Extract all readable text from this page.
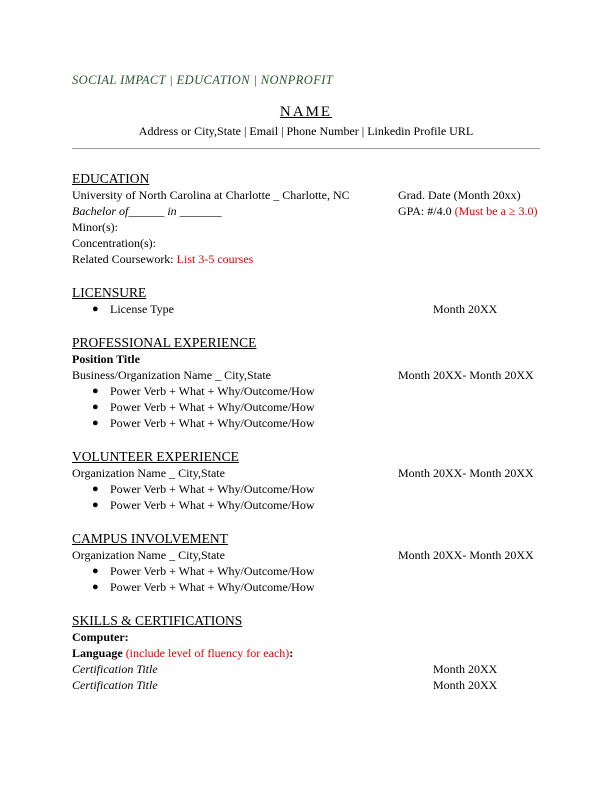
SOCIAL IMPACT | EDUCATION | NONPROFIT
NAME
Address or City,State | Email | Phone Number | Linkedin Profile URL
EDUCATION
University of North Carolina at Charlotte _ Charlotte, NC	Grad. Date (Month 20xx)
Bachelor of______ in _______	GPA: #/4.0 (Must be a ≥ 3.0)
Minor(s):
Concentration(s):
Related Coursework: List 3-5 courses
LICENSURE
● License Type	Month 20XX
PROFESSIONAL EXPERIENCE
Position Title
Business/Organization Name _ City,State	Month 20XX- Month 20XX
● Power Verb + What + Why/Outcome/How
● Power Verb + What + Why/Outcome/How
● Power Verb + What + Why/Outcome/How
VOLUNTEER EXPERIENCE
Organization Name _ City,State	Month 20XX- Month 20XX
● Power Verb + What + Why/Outcome/How
● Power Verb + What + Why/Outcome/How
CAMPUS INVOLVEMENT
Organization Name _ City,State	Month 20XX- Month 20XX
● Power Verb + What + Why/Outcome/How
● Power Verb + What + Why/Outcome/How
SKILLS & CERTIFICATIONS
Computer:
Language (include level of fluency for each):
Certification Title	Month 20XX
Certification Title	Month 20XX
